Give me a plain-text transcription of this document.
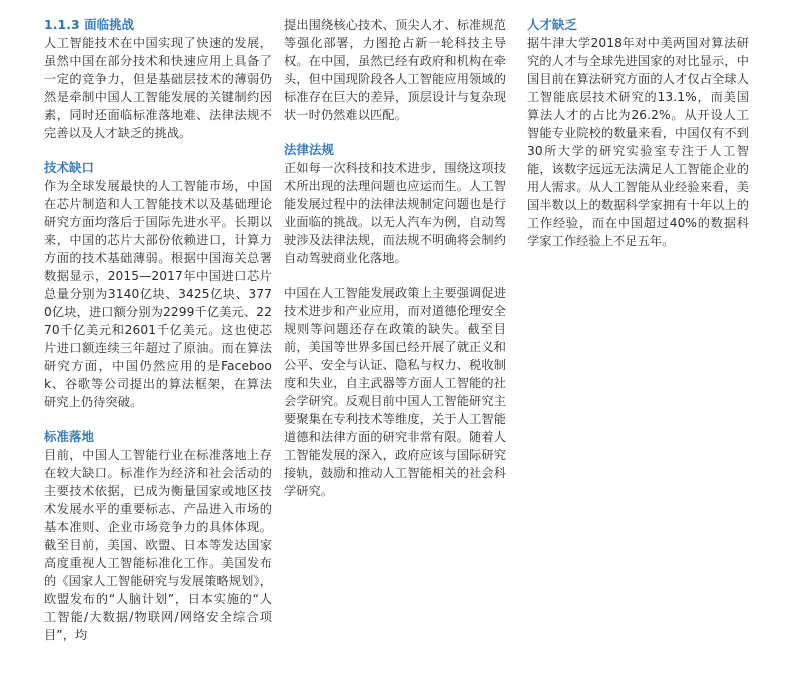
1.1.3 面临挑战

人工智能技术在中国实现了快速的发展，虽然中国在部分技术和快速应用上具备了一定的竞争力，但是基础层技术的薄弱仍然是牵制中国人工智能发展的关键制约因素，同时还面临标准落地难、法律法规不完善以及人才缺乏的挑战。

技术缺口

作为全球发展最快的人工智能市场，中国在芯片制造和人工智能技术以及基础理论研究方面均落后于国际先进水平。长期以来，中国的芯片大部份依赖进口，计算力方面的技术基础薄弱。根据中国海关总署数据显示，2015—2017年中国进口芯片总量分别为3140亿块、3425亿块、3770亿块，进口额分别为2299千亿美元、2270千亿美元和2601千亿美元。这也使芯片进口额连续三年超过了原油。而在算法研究方面，中国仍然应用的是Facebook、谷歌等公司提出的算法框架，在算法研究上仍待突破。

标准落地

目前，中国人工智能行业在标准落地上存在较大缺口。标准作为经济和社会活动的主要技术依据，已成为衡量国家或地区技术发展水平的重要标志、产品进入市场的基本准则、企业市场竞争力的具体体现。截至目前，美国、欧盟、日本等发达国家高度重视人工智能标准化工作。美国发布的《国家人工智能研究与发展策略规划》，欧盟发布的“人脑计划”，日本实施的“人工智能/大数据/物联网/网络安全综合项目”，均

提出围绕核心技术、顶尖人才、标准规范等强化部署，力图抢占新一轮科技主导权。在中国，虽然已经有政府和机构在牵头，但中国现阶段各人工智能应用领域的标准存在巨大的差异，顶层设计与复杂现状一时仍然难以匹配。

法律法规

正如每一次科技和技术进步，围绕这项技术所出现的法理问题也应运而生。人工智能发展过程中的法律法规制定问题也是行业面临的挑战。以无人汽车为例，自动驾驶涉及法律法规，而法规不明确将会制约自动驾驶商业化落地。

中国在人工智能发展政策上主要强调促进技术进步和产业应用，而对道德伦理安全规则等问题还存在政策的缺失。截至目前，美国等世界多国已经开展了就正义和公平、安全与认证、隐私与权力、税收制度和失业，自主武器等方面人工智能的社会学研究。反观目前中国人工智能研究主要聚集在专利技术等维度，关于人工智能道德和法律方面的研究非常有限。随着人工智能发展的深入，政府应该与国际研究接轨，鼓励和推动人工智能相关的社会科学研究。

人才缺乏

据牛津大学2018年对中美两国对算法研究的人才与全球先进国家的对比显示，中国目前在算法研究方面的人才仅占全球人工智能底层技术研究的13.1%，而美国算法人才的占比为26.2%。从开设人工智能专业院校的数量来看，中国仅有不到30所大学的研究实验室专注于人工智能，该数字远远无法满足人工智能企业的用人需求。从人工智能从业经验来看，美国半数以上的数据科学家拥有十年以上的工作经验，而在中国超过40%的数据科学家工作经验上不足五年。
